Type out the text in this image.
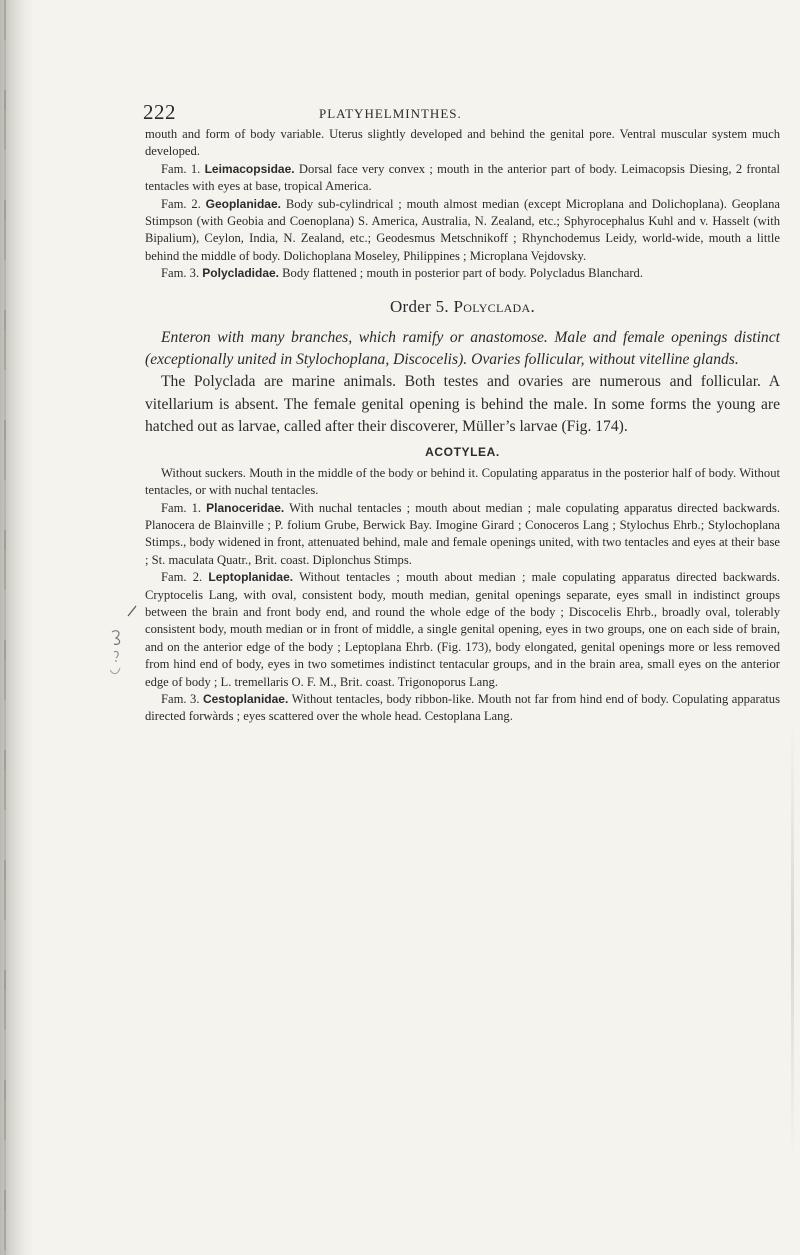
222	PLATYHELMINTHES.

mouth and form of body variable. Uterus slightly developed and behind the genital pore. Ventral muscular system much developed.

Fam. 1. Leimacopsidae. Dorsal face very convex ; mouth in the anterior part of body. Leimacopsis Diesing, 2 frontal tentacles with eyes at base, tropical America.

Fam. 2. Geoplanidae. Body sub-cylindrical ; mouth almost median (except Microplana and Dolichoplana). Geoplana Stimpson (with Geobia and Coenoplana) S. America, Australia, N. Zealand, etc.; Sphyrocephalus Kuhl and v. Hasselt (with Bipalium), Ceylon, India, N. Zealand, etc.; Geodesmus Metschnikoff ; Rhynchodemus Leidy, world-wide, mouth a little behind the middle of body. Dolichoplana Moseley, Philippines ; Microplana Vejdovsky.

Fam. 3. Polycladidae. Body flattened ; mouth in posterior part of body. Polycladus Blanchard.

Order 5. Polyclada.

Enteron with many branches, which ramify or anastomose. Male and female openings distinct (exceptionally united in Stylochoplana, Discocelis). Ovaries follicular, without vitelline glands.

The Polyclada are marine animals. Both testes and ovaries are numerous and follicular. A vitellarium is absent. The female genital opening is behind the male. In some forms the young are hatched out as larvae, called after their discoverer, Müller’s larvae (Fig. 174).

ACOTYLEA.

Without suckers. Mouth in the middle of the body or behind it. Copulating apparatus in the posterior half of body. Without tentacles, or with nuchal tentacles.

Fam. 1. Planoceridae. With nuchal tentacles ; mouth about median ; male copulating apparatus directed backwards. Planocera de Blainville ; P. folium Grube, Berwick Bay. Imogine Girard ; Conoceros Lang ; Stylochus Ehrb.; Stylochoplana Stimps., body widened in front, attenuated behind, male and female openings united, with two tentacles and eyes at their base ; St. maculata Quatr., Brit. coast. Diplonchus Stimps.

Fam. 2. Leptoplanidae. Without tentacles ; mouth about median ; male copulating apparatus directed backwards. Cryptocelis Lang, with oval, consistent body, mouth median, genital openings separate, eyes small in indistinct groups between the brain and front body end, and round the whole edge of the body ; Discocelis Ehrb., broadly oval, tolerably consistent body, mouth median or in front of middle, a single genital opening, eyes in two groups, one on each side of brain, and on the anterior edge of the body ; Leptoplana Ehrb. (Fig. 173), body elongated, genital openings more or less removed from hind end of body, eyes in two sometimes indistinct tentacular groups, and in the brain area, small eyes on the anterior edge of body ; L. tremellaris O. F. M., Brit. coast. Trigonoporus Lang.

Fam. 3. Cestoplanidae. Without tentacles, body ribbon-like. Mouth not far from hind end of body. Copulating apparatus directed forwàrds ; eyes scattered over the whole head. Cestoplana Lang.
